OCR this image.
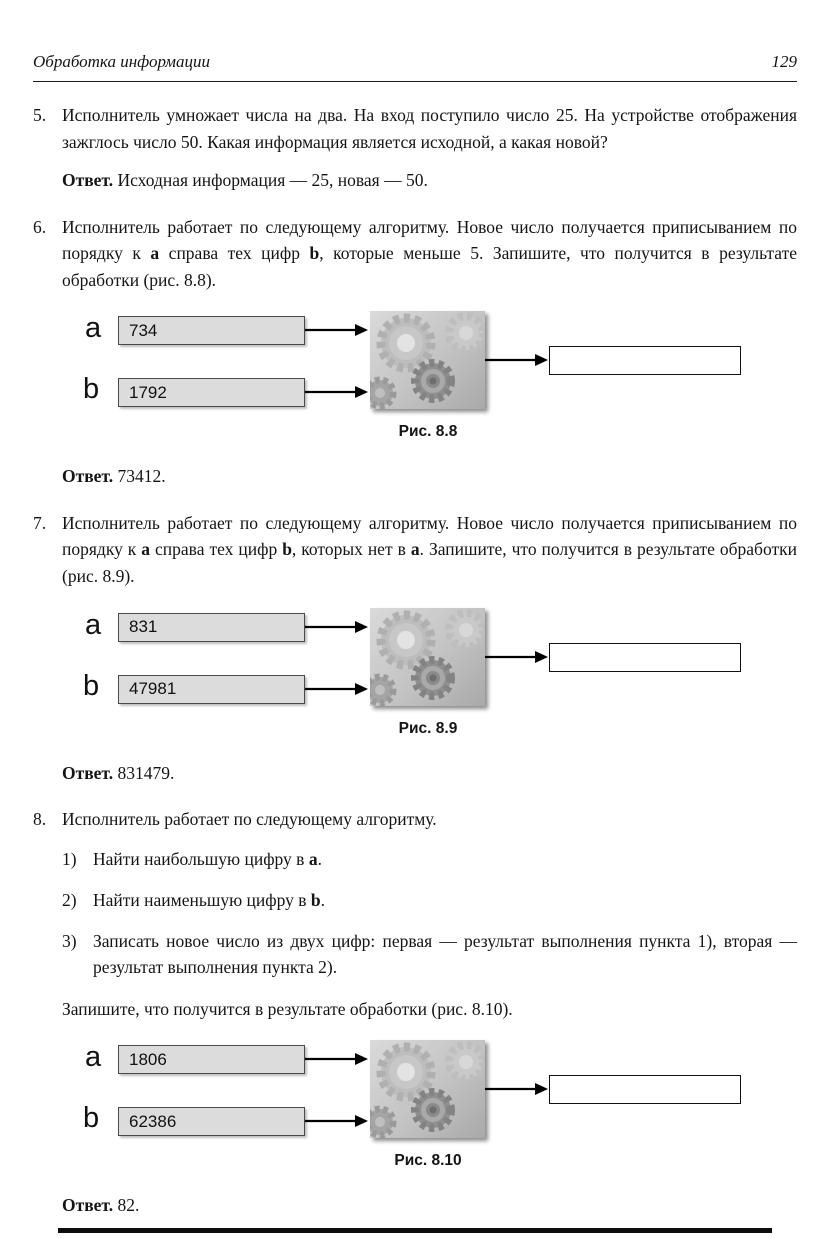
Обработка информации	129
5. Исполнитель умножает числа на два. На вход поступило число 25. На устройстве отображения зажглось число 50. Какая информация является исходной, а какая новой?

Ответ. Исходная информация — 25, новая — 50.

6. Исполнитель работает по следующему алгоритму. Новое число получается приписыванием по порядку к a справа тех цифр b, которые меньше 5. Запишите, что получится в результате обработки (рис. 8.8).

a 734
b 1792
Рис. 8.8

Ответ. 73412.

7. Исполнитель работает по следующему алгоритму. Новое число получается приписыванием по порядку к a справа тех цифр b, которых нет в a. Запишите, что получится в результате обработки (рис. 8.9).

a 831
b 47981
Рис. 8.9

Ответ. 831479.

8. Исполнитель работает по следующему алгоритму.

1) Найти наибольшую цифру в a.
2) Найти наименьшую цифру в b.
3) Записать новое число из двух цифр: первая — результат выполнения пункта 1), вторая — результат выполнения пункта 2).

Запишите, что получится в результате обработки (рис. 8.10).

a 1806
b 62386
Рис. 8.10

Ответ. 82.
